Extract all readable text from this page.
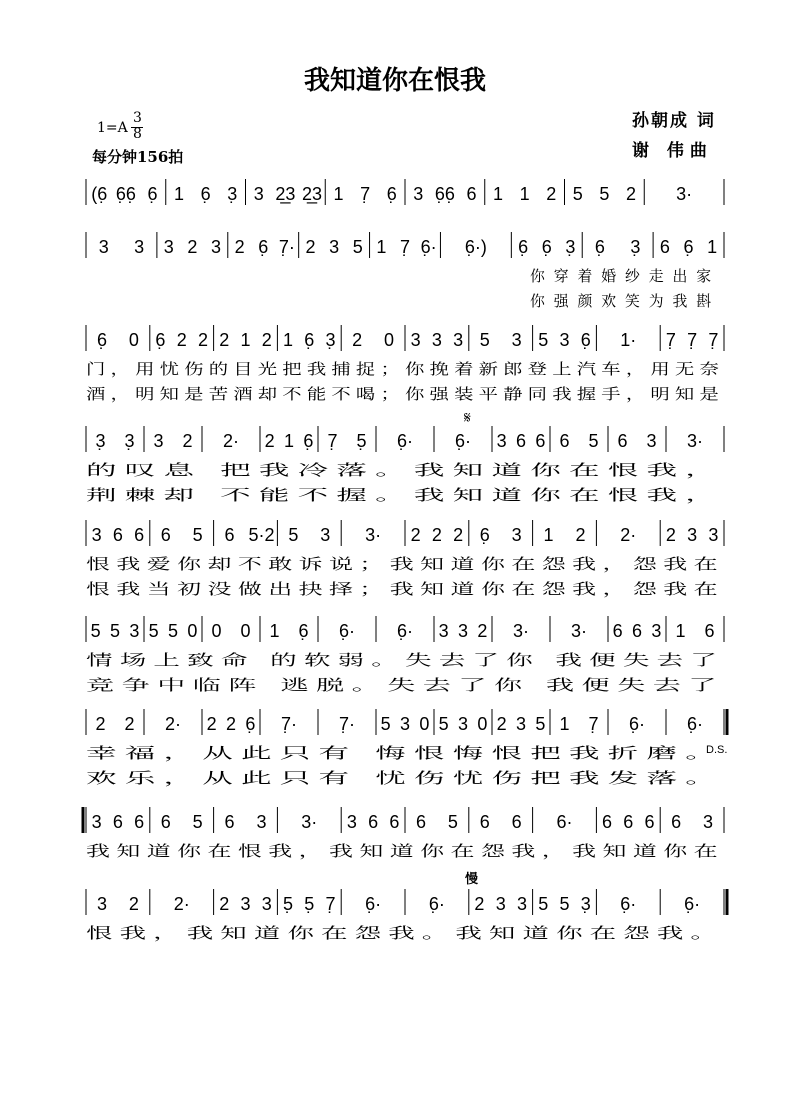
我知道你在恨我
1=A
3
8
每分钟156拍
孙朝成 词
谢 伟曲
(6̣ 6̣6̣ 6̣ 1 6̣ 3̣ 3 2̲3 2̲3 1 7̣ 6̣ 3 6̣6̣ 6 1 1 2 5 5 2 3·
3 3 3 2 3 2 6̣ 7̣· 2 3 5 1 7̣ 6̣· 6̣·) 6̣ 6̣ 3̣ 6̣ 3̣ 6 6̣ 1
你穿着婚纱走出家
你强颜欢笑为我斟
6̣ 0 6̣ 2 2 2 1 2 1 6̣ 3̣ 2 0 3 3 3 5 3 5 3 6̣ 1· 7̣ 7̣ 7̣
门，用忧伤的目光把我捕捉；你挽着新郎登上汽车，用无奈
酒，明知是苦酒却不能不喝；你强装平静同我握手，明知是
3̣ 3̣ 3 2 2· 2 1 6̣ 7̣ 5̣ 6̣· 6̣· 3 6 6 6 5 6 3 3·
的叹息 把我冷落。我知道你在恨我，
荆棘却 不能不握。我知道你在恨我，
3 6 6 6 5 6 5·2 5 3 3· 2 2 2 6̣ 3 1 2 2· 2 3 3
恨我爱你却不敢诉说；我知道你在怨我，怨我在
恨我当初没做出抉择；我知道你在怨我，怨我在
5 5 3 5 5 0 0 0 1 6̣ 6̣· 6̣· 3 3 2 3· 3· 6 6 3 1 6
情场上致命 的软弱。失去了你 我便失去了
竞争中临阵 逃脱。失去了你 我便失去了
2 2 2· 2 2 6̣ 7̣· 7̣· 5 3 0 5 3 0 2 3 5 1 7̣ 6̣· 6̣·
幸福，从此只有 悔恨悔恨把我折磨。
欢乐，从此只有 忧伤忧伤把我发落。
3 6 6 6 5 6 3 3· 3 6 6 6 5 6 6 6· 6 6 6 6 3
我知道你在恨我，我知道你在怨我，我知道你在
3 2 2· 2 3 3 5̣ 5̣ 7̣ 6̣·	6̣· 2 3 3 5 5 3̣ 6̣·	6̣·
恨我，我知道你在怨我。我知道你在怨我。
D.S.
𝄋
慢
